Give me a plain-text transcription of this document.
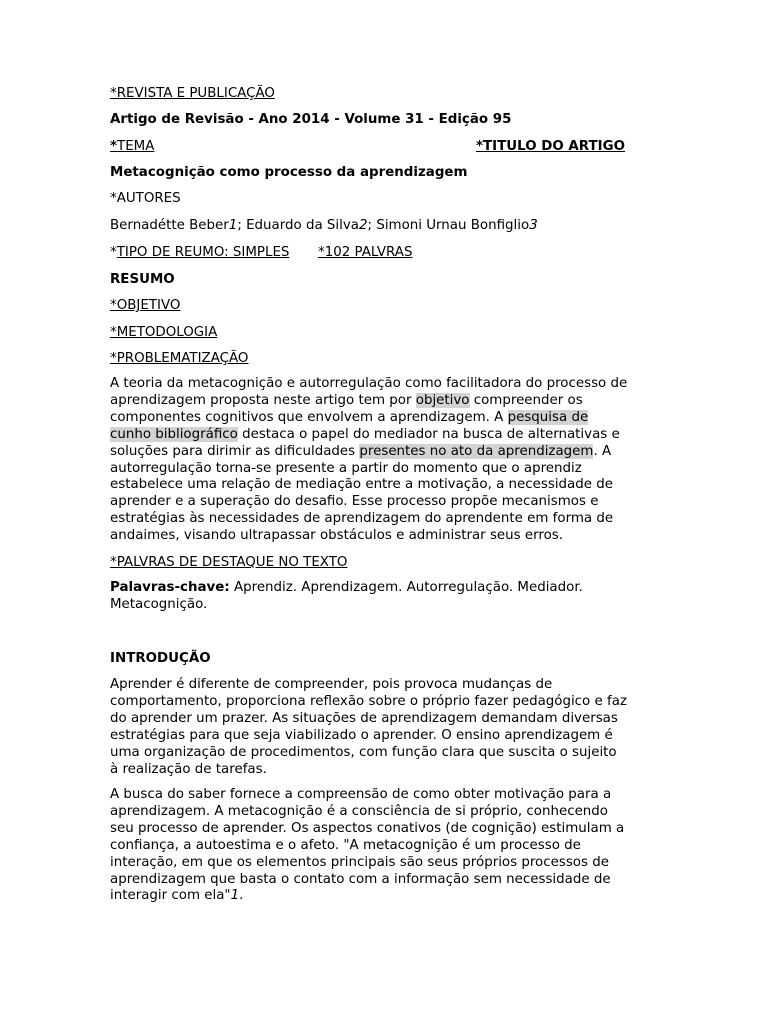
*REVISTA E PUBLICAÇÃO
Artigo de Revisão - Ano 2014 - Volume 31 - Edição 95
*TEMA	*TITULO DO ARTIGO
Metacognição como processo da aprendizagem
*AUTORES
Bernadétte Beber1; Eduardo da Silva2; Simoni Urnau Bonfiglio3
*TIPO DE REUMO: SIMPLES *102 PALVRAS
RESUMO
*OBJETIVO
*METODOLOGIA
*PROBLEMATIZAÇÃO
A teoria da metacognição e autorregulação como facilitadora do processo de
aprendizagem proposta neste artigo tem por objetivo compreender os
componentes cognitivos que envolvem a aprendizagem. A pesquisa de
cunho bibliográfico destaca o papel do mediador na busca de alternativas e
soluções para dirimir as dificuldades presentes no ato da aprendizagem. A
autorregulação torna-se presente a partir do momento que o aprendiz
estabelece uma relação de mediação entre a motivação, a necessidade de
aprender e a superação do desafio. Esse processo propõe mecanismos e
estratégias às necessidades de aprendizagem do aprendente em forma de
andaimes, visando ultrapassar obstáculos e administrar seus erros.
*PALVRAS DE DESTAQUE NO TEXTO
Palavras-chave: Aprendiz. Aprendizagem. Autorregulação. Mediador.
Metacognição.
INTRODUÇÃO
Aprender é diferente de compreender, pois provoca mudanças de
comportamento, proporciona reflexão sobre o próprio fazer pedagógico e faz
do aprender um prazer. As situações de aprendizagem demandam diversas
estratégias para que seja viabilizado o aprender. O ensino aprendizagem é
uma organização de procedimentos, com função clara que suscita o sujeito
à realização de tarefas.
A busca do saber fornece a compreensão de como obter motivação para a
aprendizagem. A metacognição é a consciência de si próprio, conhecendo
seu processo de aprender. Os aspectos conativos (de cognição) estimulam a
confiança, a autoestima e o afeto. "A metacognição é um processo de
interação, em que os elementos principais são seus próprios processos de
aprendizagem que basta o contato com a informação sem necessidade de
interagir com ela"1.
